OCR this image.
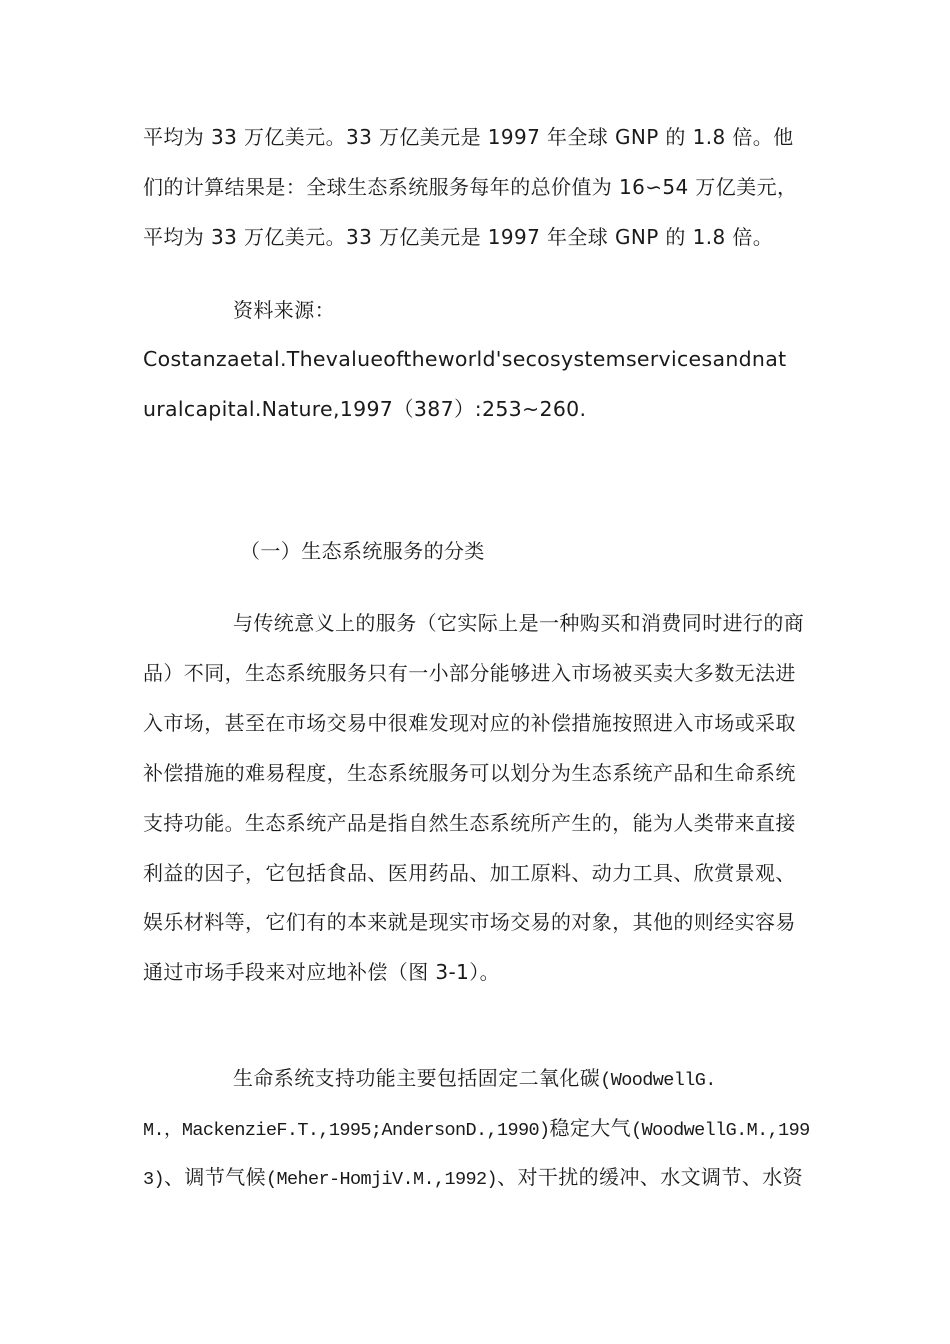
平均为 33 万亿美元。33 万亿美元是 1997 年全球 GNP 的 1.8 倍。他
们的计算结果是：全球生态系统服务每年的总价值为 16∽54 万亿美元，
平均为 33 万亿美元。33 万亿美元是 1997 年全球 GNP 的 1.8 倍。
资料来源：
Costanzaetal.Thevalueoftheworld'secosystemservicesandnat
uralcapital.Nature,1997（387）:253~260.
（一）生态系统服务的分类
与传统意义上的服务（它实际上是一种购买和消费同时进行的商
品）不同，生态系统服务只有一小部分能够进入市场被买卖大多数无法进
入市场，甚至在市场交易中很难发现对应的补偿措施按照进入市场或采取
补偿措施的难易程度，生态系统服务可以划分为生态系统产品和生命系统
支持功能。生态系统产品是指自然生态系统所产生的，能为人类带来直接
利益的因子，它包括食品、医用药品、加工原料、动力工具、欣赏景观、
娱乐材料等，它们有的本来就是现实市场交易的对象，其他的则经实容易
通过市场手段来对应地补偿（图 3-1）。
生命系统支持功能主要包括固定二氧化碳(WoodwellG.
M.，MackenzieF.T.,1995;AndersonD.,1990)稳定大气(WoodwellG.M.,199
3)、调节气候(Meher-HomjiV.M.,1992)、对干扰的缓冲、水文调节、水资
